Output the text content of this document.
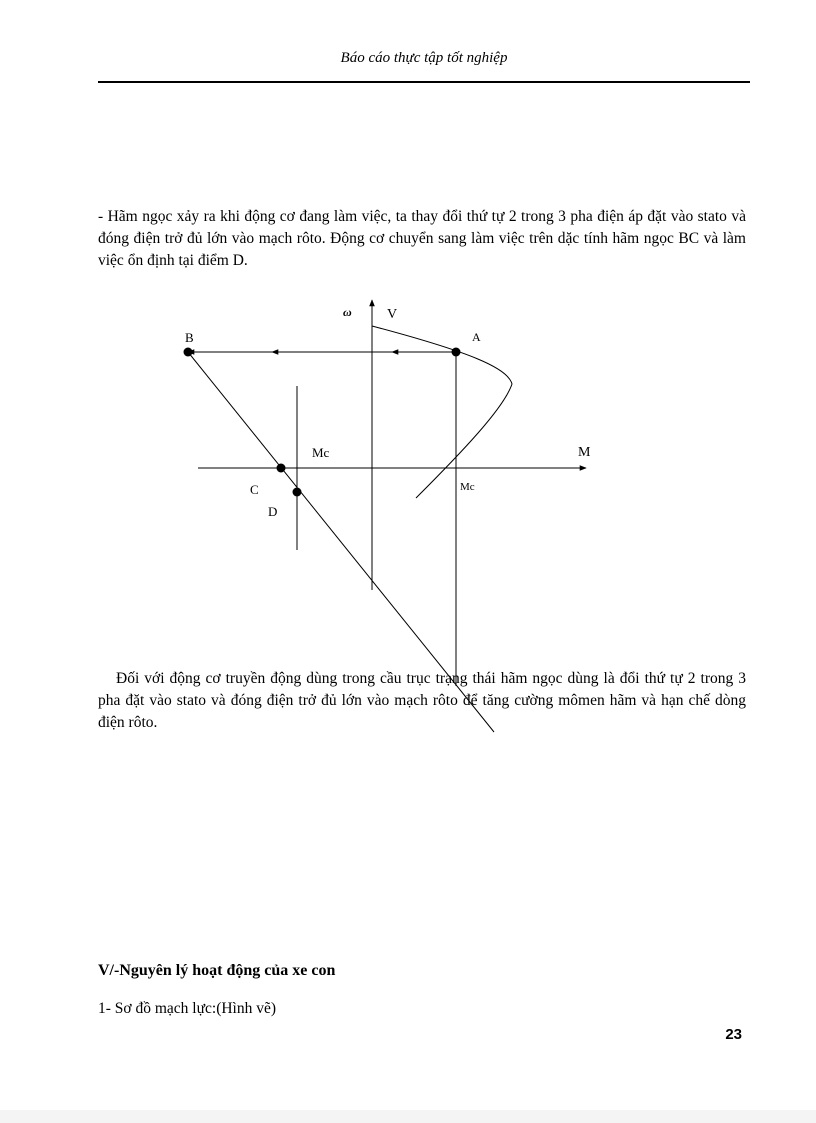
Báo cáo thực tập tốt nghiệp

- Hãm ngọc xảy ra khi động cơ đang làm việc, ta thay đổi thứ tự 2 trong 3 pha điện áp đặt vào stato và đóng điện trở đủ lớn vào mạch rôto. Động cơ chuyển sang làm việc trên dặc tính hãm ngọc BC và làm việc ổn định tại điểm D.

ω	V
M
A
B
C
D
Mc
Mc

Đối với động cơ truyền động dùng trong cầu trục trạng thái hãm ngọc dùng là đổi thứ tự 2 trong 3 pha đặt vào stato và đóng điện trở đủ lớn vào mạch rôto để tăng cường mômen hãm và hạn chế dòng điện rôto.

V/-Nguyên lý hoạt động của xe con
1- Sơ đồ mạch lực:(Hình vẽ)
23
